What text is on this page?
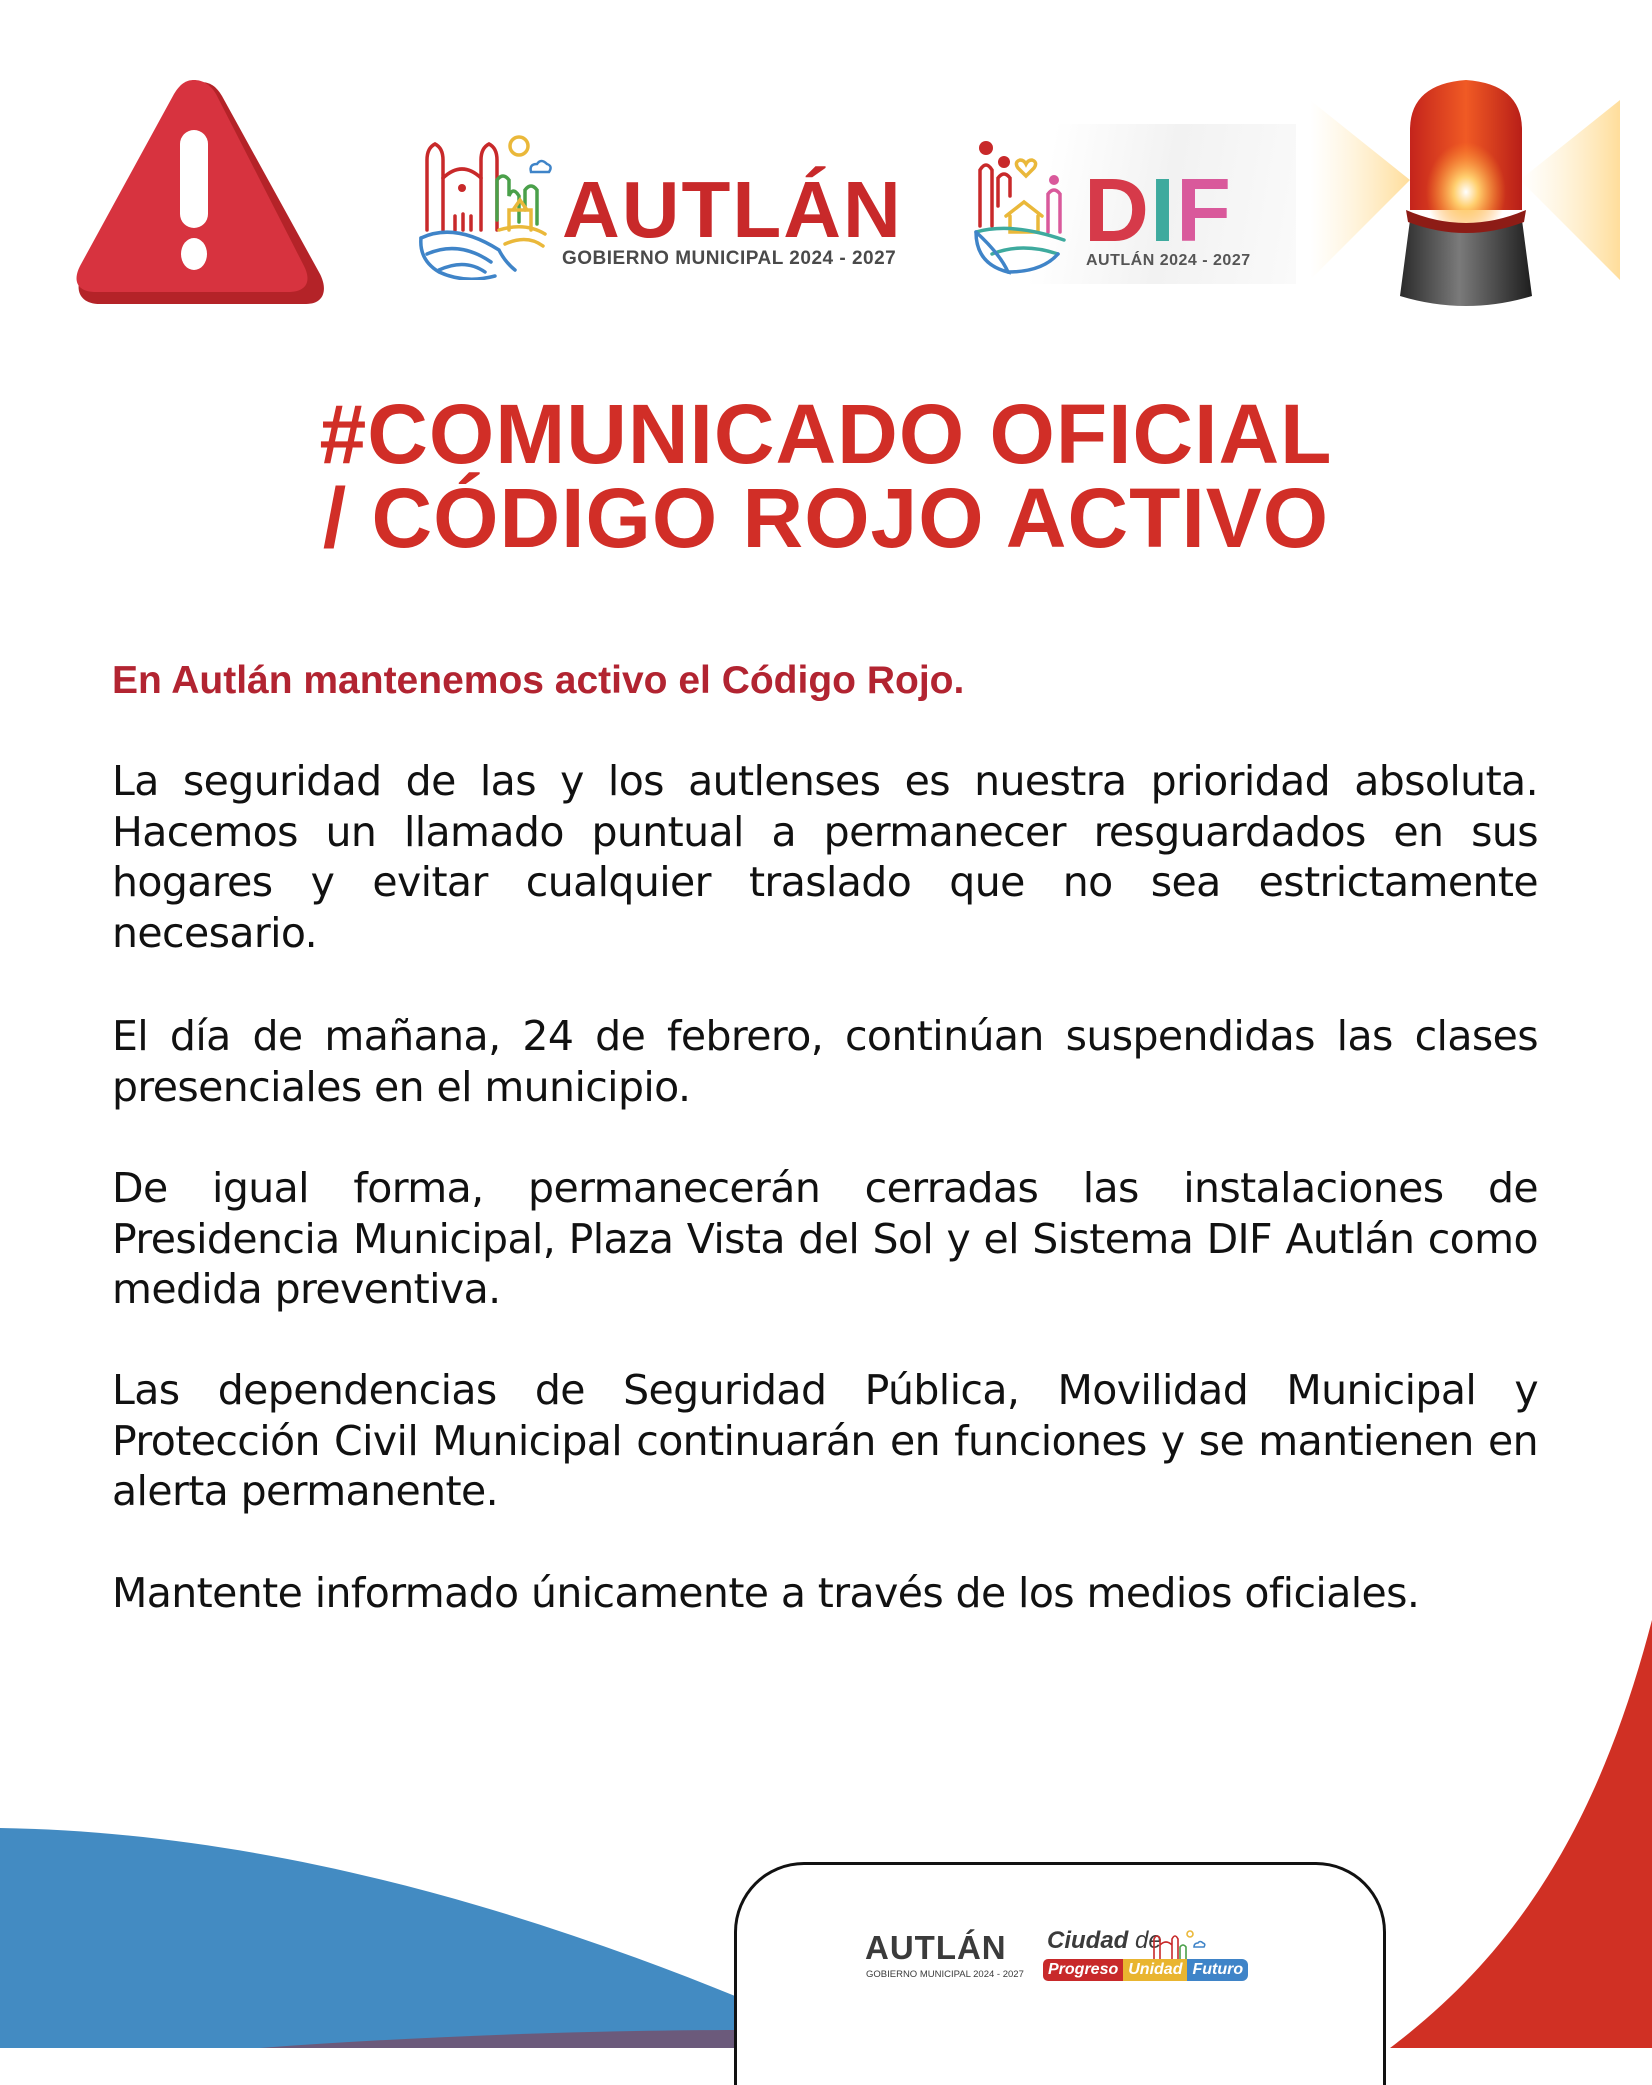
AUTLÁN
GOBIERNO MUNICIPAL 2024 - 2027 DIF
AUTLÁN 2024 - 2027
#COMUNICADO OFICIAL
/ CÓDIGO ROJO ACTIVO
En Autlán mantenemos activo el Código Rojo.

La seguridad de las y los autlenses es nuestra prioridad absoluta. Hacemos un llamado puntual a permanecer resguardados en sus hogares y evitar cualquier traslado que no sea estrictamente necesario.

El día de mañana, 24 de febrero, continúan suspendidas las clases presenciales en el municipio.

De igual forma, permanecerán cerradas las instalaciones de Presidencia Municipal, Plaza Vista del Sol y el Sistema DIF Autlán como medida preventiva.

Las dependencias de Seguridad Pública, Movilidad Municipal y Protección Civil Municipal continuarán en funciones y se mantienen en alerta permanente.

Mantente informado únicamente a través de los medios oficiales.

AUTLÁN
GOBIERNO MUNICIPAL 2024 - 2027
Ciudad de
Progreso Unidad Futuro
